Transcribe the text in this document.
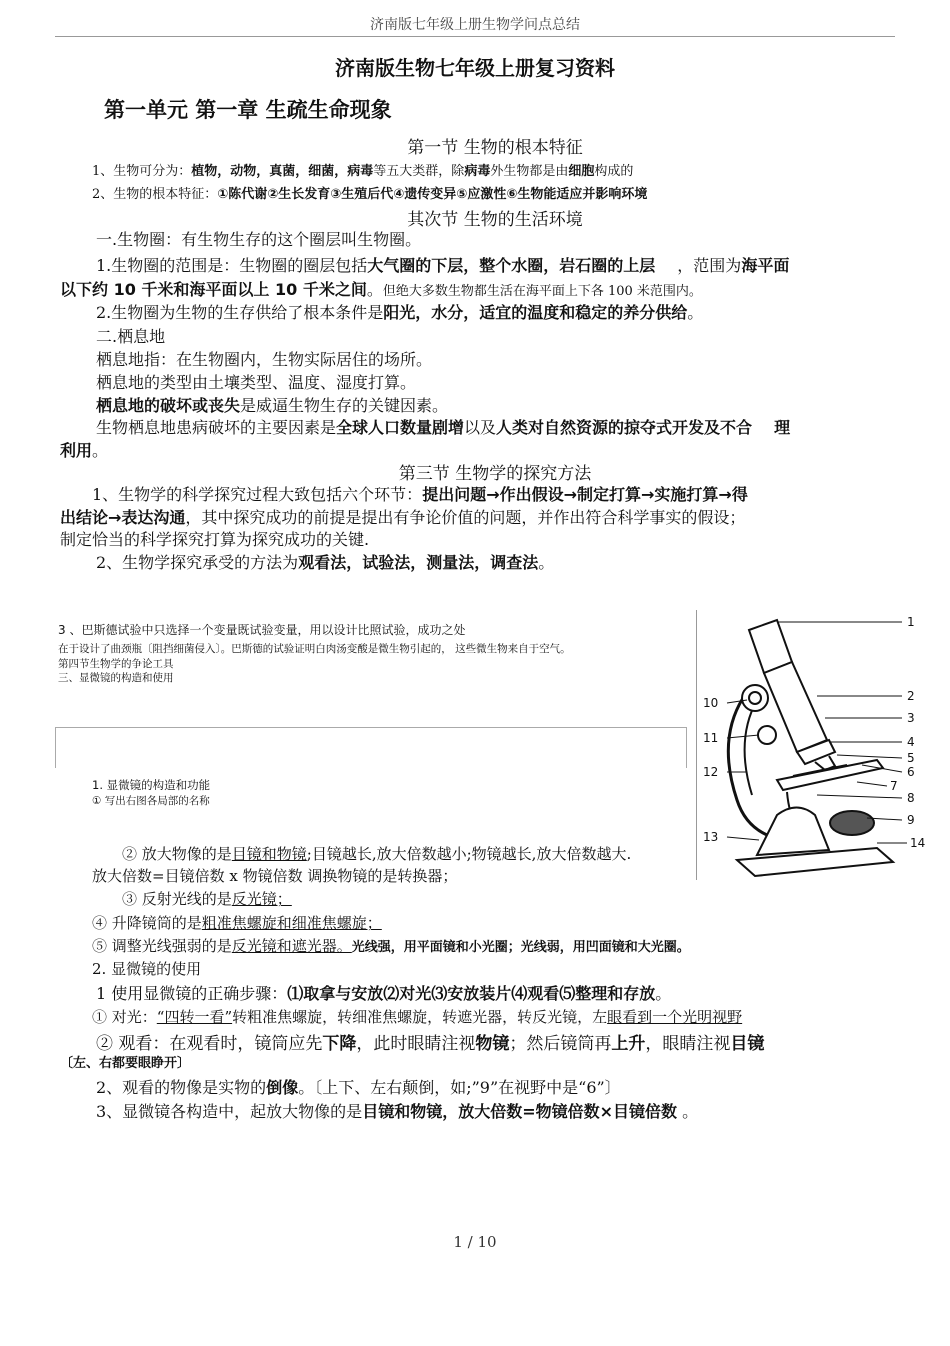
济南版七年级上册生物学问点总结
济南版生物七年级上册复习资料
第一单元 第一章 生疏生命现象
第一节 生物的根本特征
1、生物可分为：植物，动物，真菌，细菌，病毒等五大类群，除病毒外生物都是由细胞构成的
2、生物的根本特征：①陈代谢②生长发育③生殖后代④遗传变异⑤应激性⑥生物能适应并影响环境
其次节 生物的生活环境
一.生物圈：有生物生存的这个圈层叫生物圈。
1.生物圈的范围是：生物圈的圈层包括大气圈的下层，整个水圈，岩石圈的上层 ，范围为海平面
以下约 10 千米和海平面以上 10 千米之间。但绝大多数生物都生活在海平面上下各 100 米范围内。
2.生物圈为生物的生存供给了根本条件是阳光，水分，适宜的温度和稳定的养分供给。
二.栖息地
栖息地指：在生物圈内，生物实际居住的场所。
栖息地的类型由土壤类型、温度、湿度打算。
栖息地的破坏或丧失是威逼生物生存的关键因素。
生物栖息地患病破坏的主要因素是全球人口数量剧增以及人类对自然资源的掠夺式开发及不合 理
利用。
第三节 生物学的探究方法
1、生物学的科学探究过程大致包括六个环节：提出问题→作出假设→制定打算→实施打算→得
出结论→表达沟通，其中探究成功的前提是提出有争论价值的问题，并作出符合科学事实的假设；
制定恰当的科学探究打算为探究成功的关键.
2、生物学探究承受的方法为观看法，试验法，测量法，调查法。
3 、巴斯德试验中只选择一个变量既试验变量，用以设计比照试验，成功之处
在于设计了曲颈瓶〔阻挡细菌侵入〕。巴斯德的试验证明白肉汤变酸是微生物引起的， 这些微生物来自于空气。
第四节生物学的争论工具
三、显微镜的构造和使用
1. 显微镜的构造和功能
① 写出右图各局部的名称
1
2
3
4
5
6
7
8
9
10
11
12
13	14
② 放大物像的是目镜和物镜;目镜越长,放大倍数越小;物镜越长,放大倍数越大.
放大倍数=目镜倍数 x 物镜倍数 调换物镜的是转换器；
③ 反射光线的是反光镜；
④ 升降镜筒的是粗准焦螺旋和细准焦螺旋；
⑤ 调整光线强弱的是反光镜和遮光器。光线强，用平面镜和小光圈；光线弱，用凹面镜和大光圈。
2. 显微镜的使用
1 使用显微镜的正确步骤：⑴取拿与安放⑵对光⑶安放装片⑷观看⑸整理和存放。
① 对光：“四转一看”转粗准焦螺旋，转细准焦螺旋，转遮光器，转反光镜，左眼看到一个光明视野
② 观看：在观看时，镜筒应先下降，此时眼睛注视物镜；然后镜筒再上升，眼睛注视目镜
〔左、右都要眼睁开〕
2、观看的物像是实物的倒像。〔上下、左右颠倒，如;”9”在视野中是“6”〕
3、显微镜各构造中，起放大物像的是目镜和物镜，放大倍数=物镜倍数×目镜倍数 。
1 / 10
